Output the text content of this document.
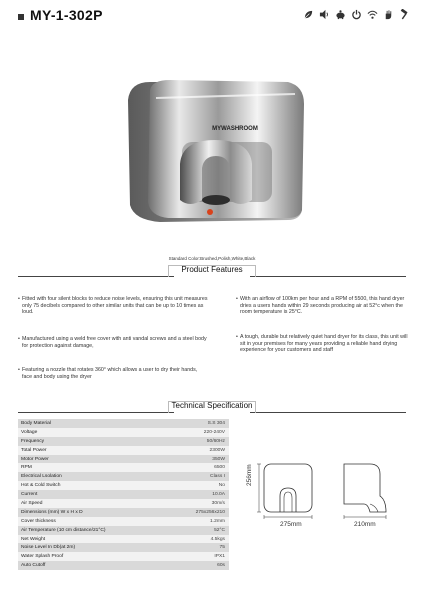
MY-1-302P
MYWASHROOM
Standard Color:Brushed,Polish,White,Black
Product Features
• Fitted with four silent blocks to reduce noise levels, ensuring this unit measures only 75 decibels compared to other similar units that can be up to 10 times as loud.
• Manufactured using a weld free cover with anti vandal screws and a steel body for protection against damage,
• Featuring a nozzle that rotates 360° which allows a user to dry their hands, face and body using the dryer
• With an airflow of 100km per hour and a RPM of 5500, this hand dryer dries a users hands within 29 seconds producing air at 52°c when the room temperature is 25°C.
• A tough, durable but relatively quiet hand dryer for its class, this unit will sit in your premises for many years providing a reliable hand drying experience for your customers and staff
Technical Specification
Body Material	S.S 304
Voltage	220-240V
Frequency	50/60Hz
Total Power	2300W
Motor Power	350W
RPM	6500
Electrical Lsolation	Class I
Hot & Cold Switch	No
Current	10.0A
Air Speed	30m/s
Dimensions (mm) W x H x D	275x256x210
Cover thickness	1.2mm
Air Temperature (10 cm distance/21°C)	52°C
Net Weight	4.5kgs
Noise Level In Db(at 2m)	75
Water Splash Proof	IPX1
Auto Cutoff	60s
256mm
275mm	210mm
